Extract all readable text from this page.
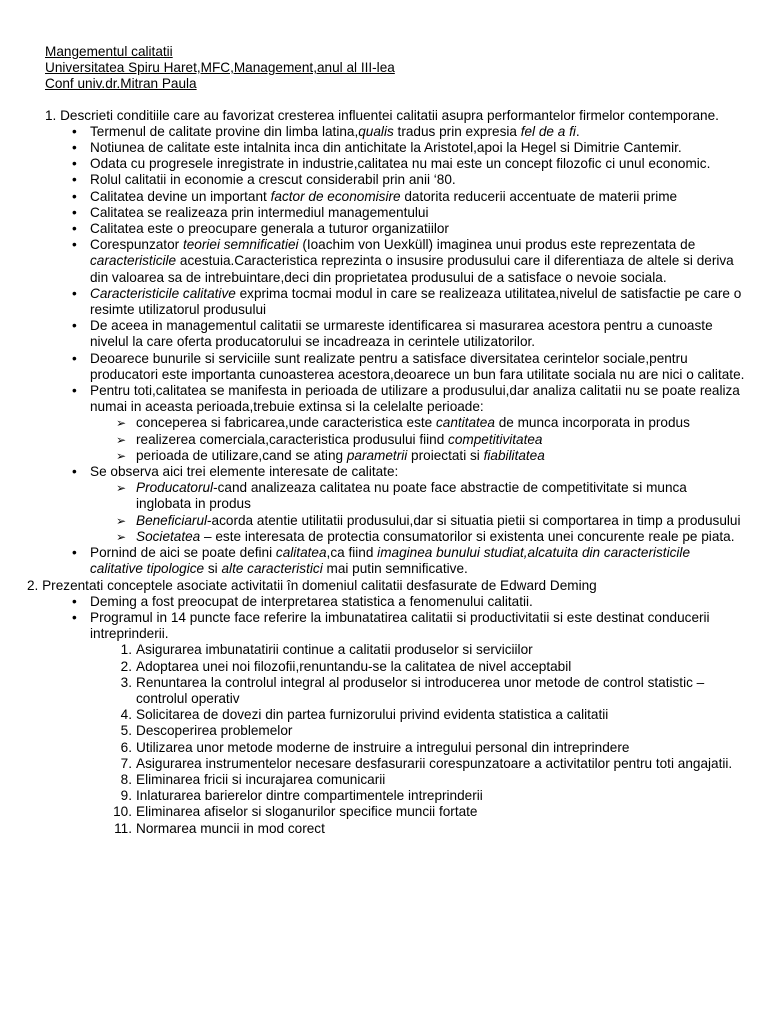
Mangementul calitatii
Universitatea Spiru Haret,MFC,Management,anul al III-lea
Conf univ.dr.Mitran Paula

1. Descrieti conditiile care au favorizat cresterea influentei calitatii asupra performantelor firmelor contemporane.

• Termenul de calitate provine din limba latina,qualis tradus prin expresia fel de a fi.
• Notiunea de calitate este intalnita inca din antichitate la Aristotel,apoi la Hegel si Dimitrie Cantemir.
• Odata cu progresele inregistrate in industrie,calitatea nu mai este un concept filozofic ci unul economic.
• Rolul calitatii in economie a crescut considerabil prin anii ‘80.
• Calitatea devine un important factor de economisire datorita reducerii accentuate de materii prime
• Calitatea se realizeaza prin intermediul managementului
• Calitatea este o preocupare generala a tuturor organizatiilor
• Corespunzator teoriei semnificatiei (Ioachim von Uexküll) imaginea unui produs este reprezentata de caracteristicile acestuia.Caracteristica reprezinta o insusire produsului care il diferentiaza de altele si deriva din valoarea sa de intrebuintare,deci din proprietatea produsului de a satisface o nevoie sociala.
• Caracteristicile calitative exprima tocmai modul in care se realizeaza utilitatea,nivelul de satisfactie pe care o resimte utilizatorul produsului
• De aceea in managementul calitatii se urmareste identificarea si masurarea acestora pentru a cunoaste nivelul la care oferta producatorului se incadreaza in cerintele utilizatorilor.
• Deoarece bunurile si serviciile sunt realizate pentru a satisface diversitatea cerintelor sociale,pentru producatori este importanta cunoasterea acestora,deoarece un bun fara utilitate sociala nu are nici o calitate.
• Pentru toti,calitatea se manifesta in perioada de utilizare a produsului,dar analiza calitatii nu se poate realiza numai in aceasta perioada,trebuie extinsa si la celelalte perioade:
➢ conceperea si fabricarea,unde caracteristica este cantitatea de munca incorporata in produs
➢ realizerea comerciala,caracteristica produsului fiind competitivitatea
➢ perioada de utilizare,cand se ating parametrii proiectati si fiabilitatea
• Se observa aici trei elemente interesate de calitate:
➢ Producatorul-cand analizeaza calitatea nu poate face abstractie de competitivitate si munca inglobata in produs
➢ Beneficiarul-acorda atentie utilitatii produsului,dar si situatia pietii si comportarea in timp a produsului
➢ Societatea – este interesata de protectia consumatorilor si existenta unei concurente reale pe piata.
• Pornind de aici se poate defini calitatea,ca fiind imaginea bunului studiat,alcatuita din caracteristicile calitative tipologice si alte caracteristici mai putin semnificative.

2. Prezentati conceptele asociate activitatii în domeniul calitatii desfasurate de Edward Deming

• Deming a fost preocupat de interpretarea statistica a fenomenului calitatii.
• Programul in 14 puncte face referire la imbunatatirea calitatii si productivitatii si este destinat conducerii intreprinderii.
1. Asigurarea imbunatatirii continue a calitatii produselor si serviciilor
2. Adoptarea unei noi filozofii,renuntandu-se la calitatea de nivel acceptabil
3. Renuntarea la controlul integral al produselor si introducerea unor metode de control statistic – controlul operativ
4. Solicitarea de dovezi din partea furnizorului privind evidenta statistica a calitatii
5. Descoperirea problemelor
6. Utilizarea unor metode moderne de instruire a intregului personal din intreprindere
7. Asigurarea instrumentelor necesare desfasurarii corespunzatoare a activitatilor pentru toti angajatii.
8. Eliminarea fricii si incurajarea comunicarii
9. Inlaturarea barierelor dintre compartimentele intreprinderii
10. Eliminarea afiselor si sloganurilor specifice muncii fortate
11. Normarea muncii in mod corect
